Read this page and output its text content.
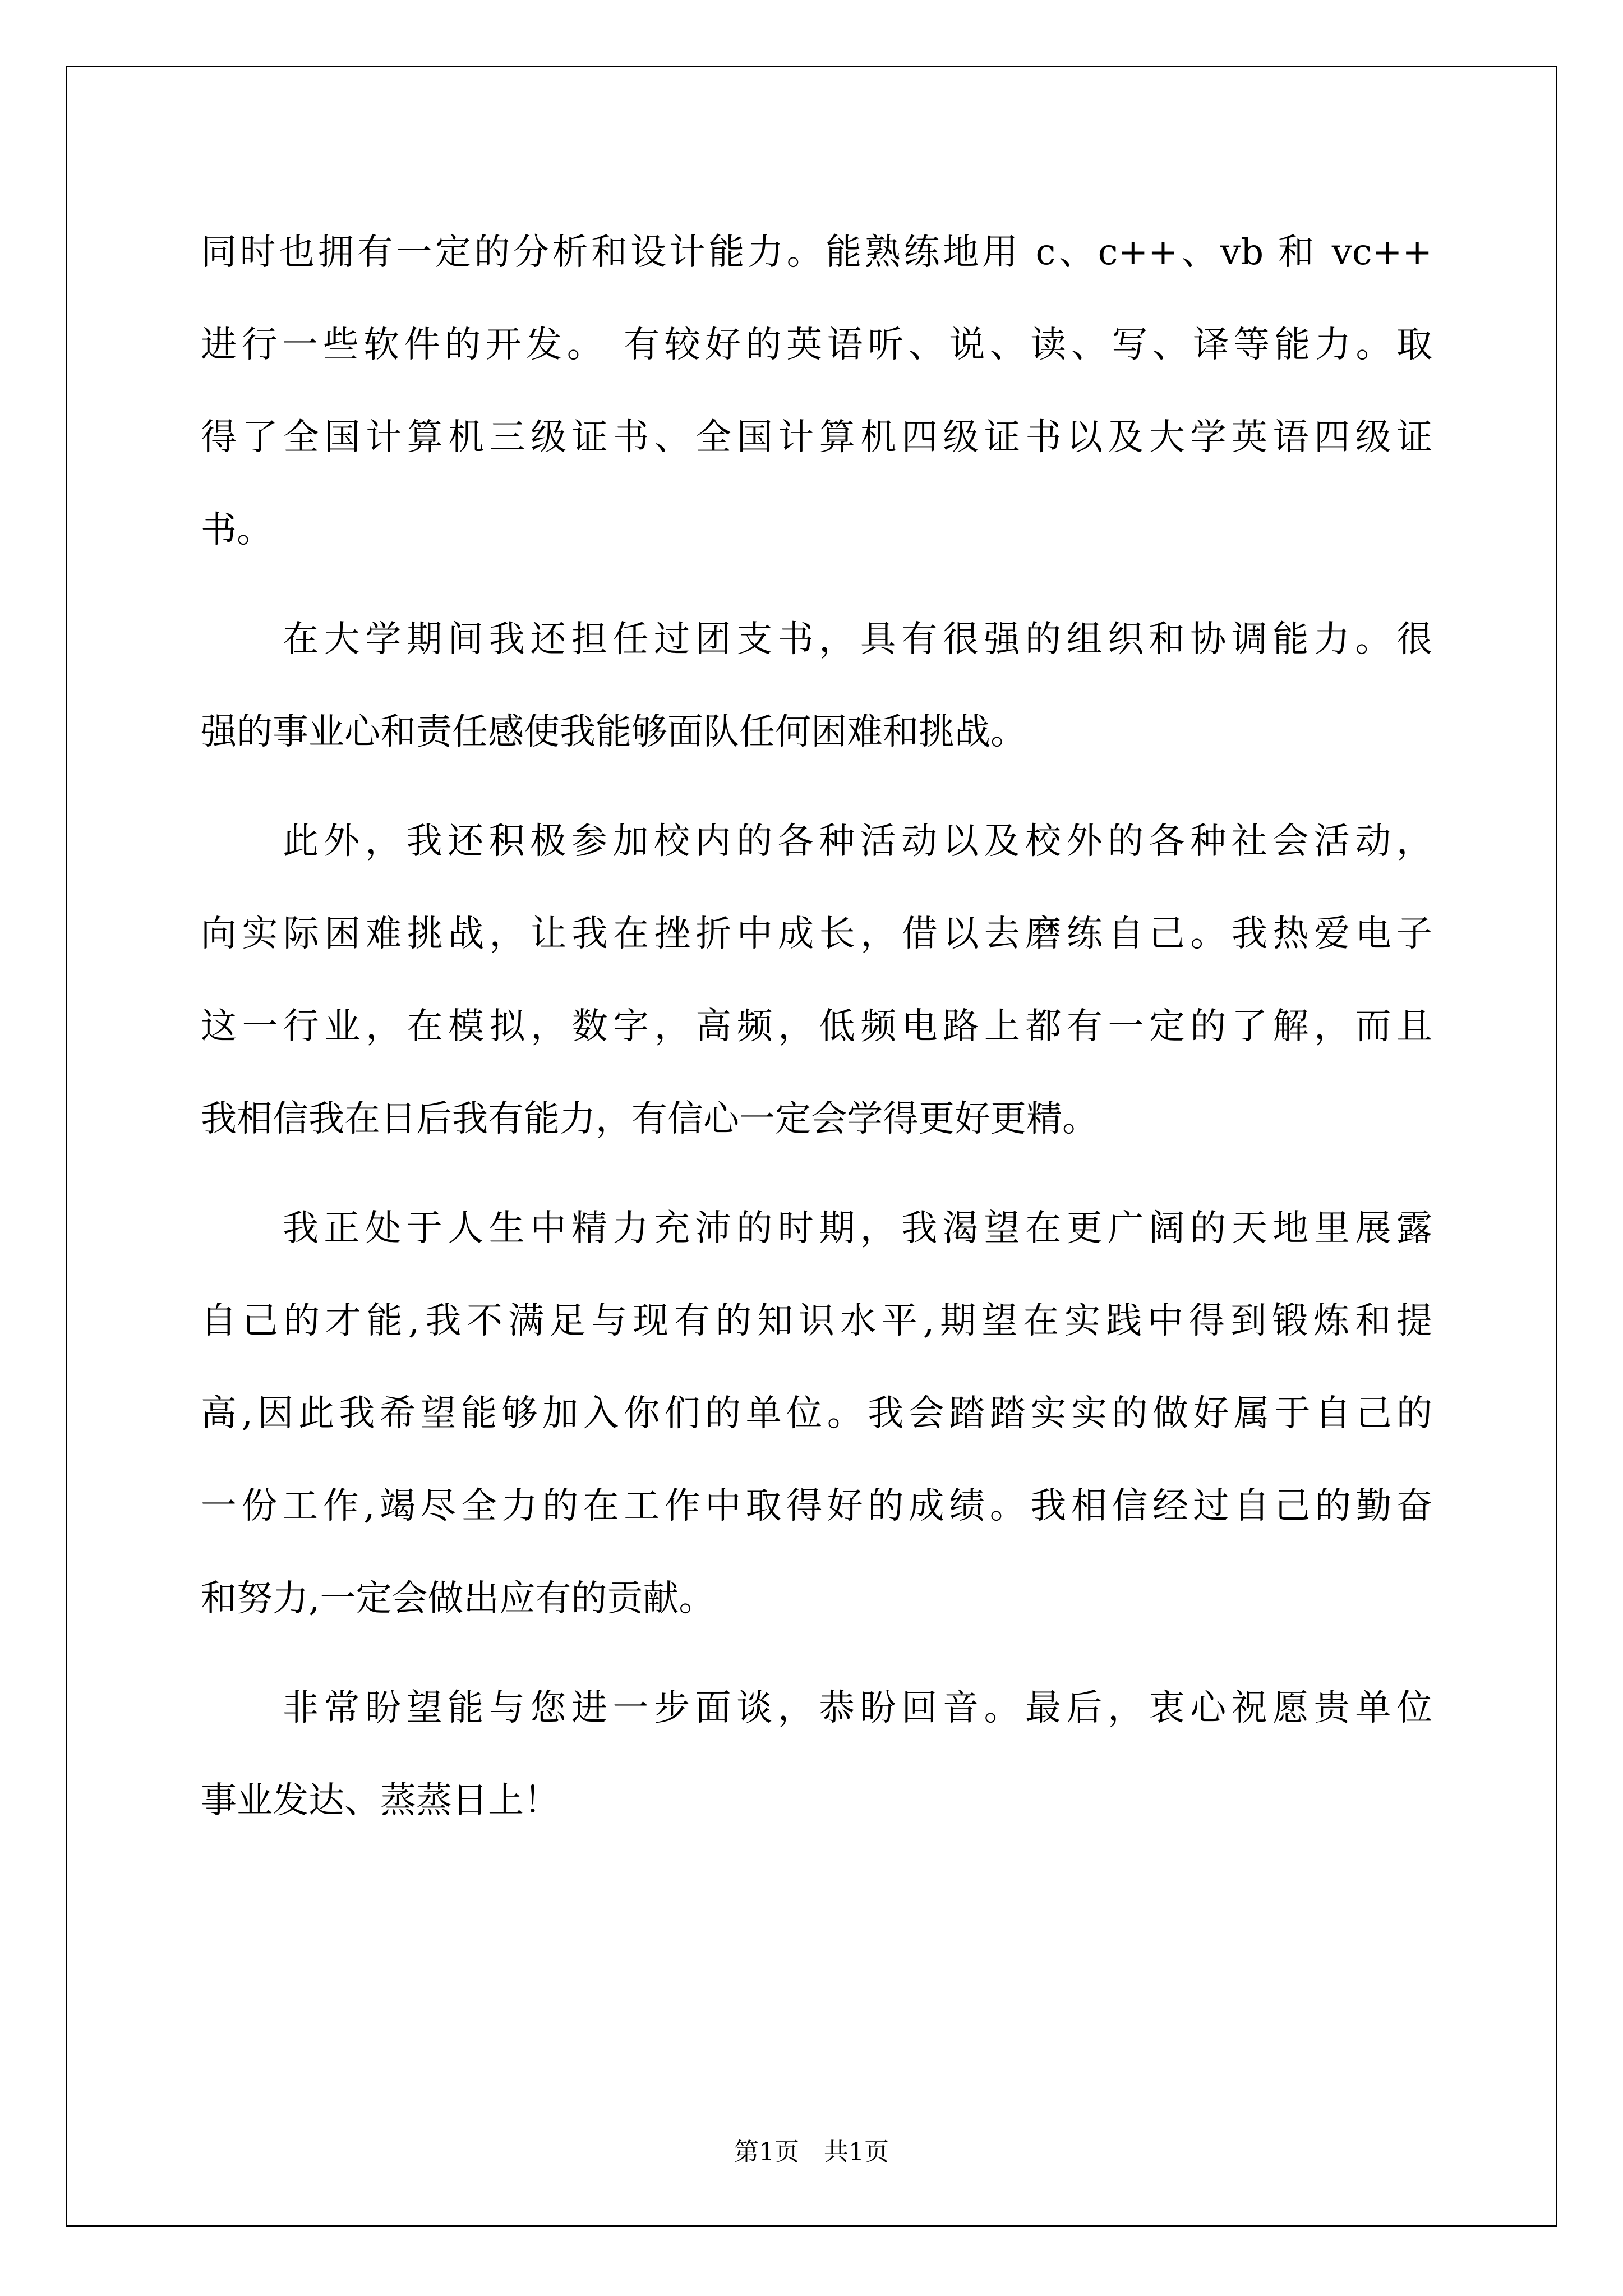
同时也拥有一定的分析和设计能力。能熟练地用 c、c++、vb 和 vc++
进行一些软件的开发。 有较好的英语听、说、读、写、译等能力。取
得了全国计算机三级证书、全国计算机四级证书以及大学英语四级证
书。
在大学期间我还担任过团支书，具有很强的组织和协调能力。很
强的事业心和责任感使我能够面队任何困难和挑战。
此外，我还积极参加校内的各种活动以及校外的各种社会活动，
向实际困难挑战，让我在挫折中成长，借以去磨练自己。我热爱电子
这一行业，在模拟，数字，高频，低频电路上都有一定的了解，而且
我相信我在日后我有能力，有信心一定会学得更好更精。
我正处于人生中精力充沛的时期，我渴望在更广阔的天地里展露
自己的才能,我不满足与现有的知识水平,期望在实践中得到锻炼和提
高,因此我希望能够加入你们的单位。我会踏踏实实的做好属于自己的
一份工作,竭尽全力的在工作中取得好的成绩。我相信经过自己的勤奋
和努力,一定会做出应有的贡献。
非常盼望能与您进一步面谈，恭盼回音。最后，衷心祝愿贵单位
事业发达、蒸蒸日上！
第1页　共1页
